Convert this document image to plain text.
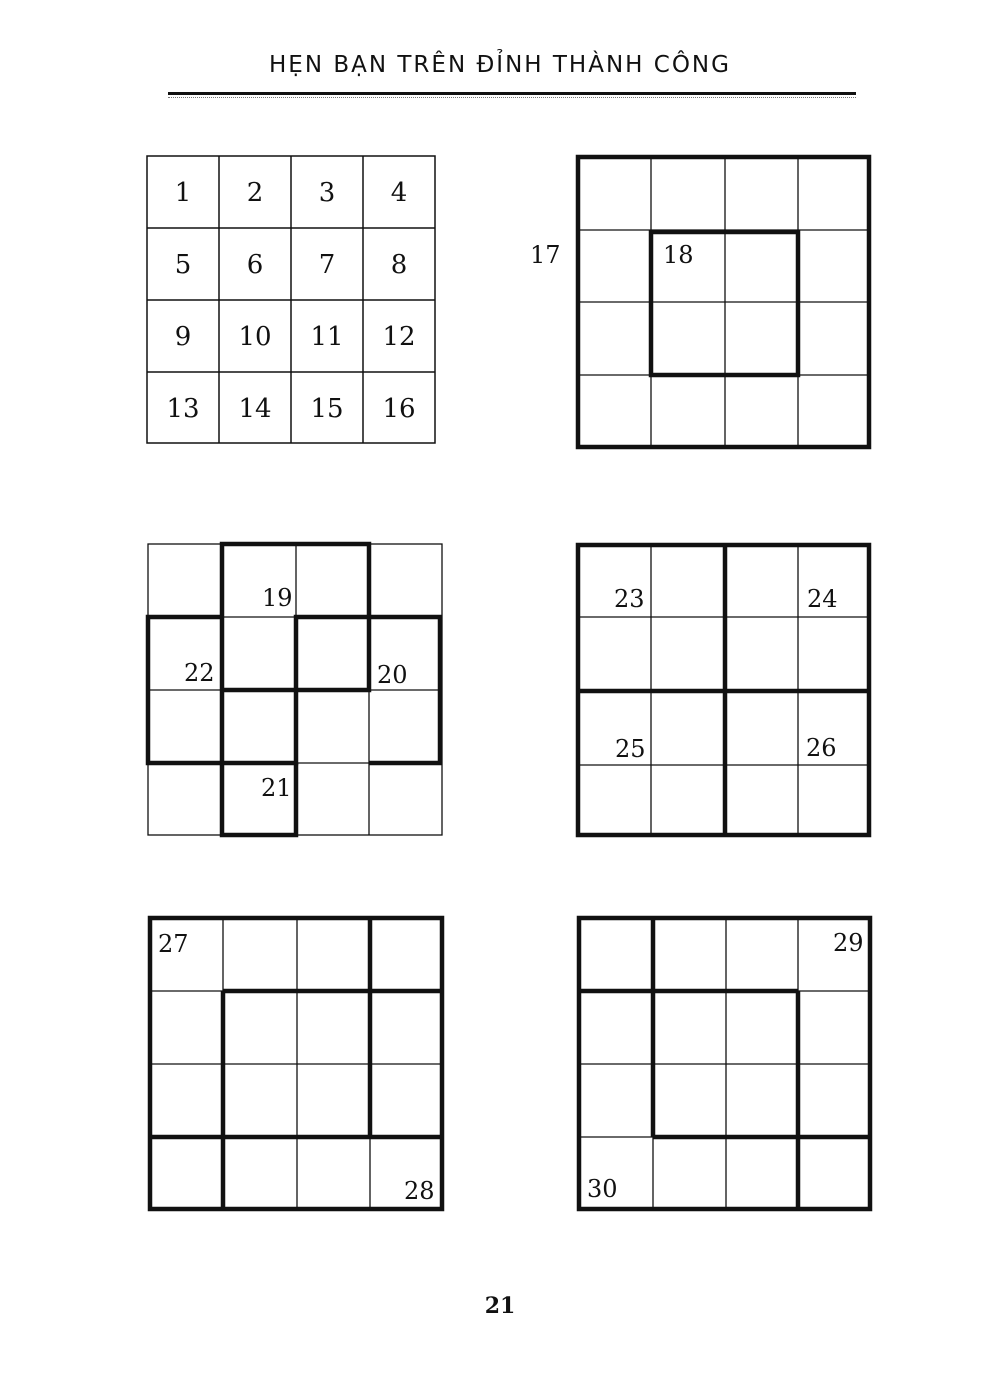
HẸN BẠN TRÊN ĐỈNH THÀNH CÔNG
1 2 3 4
5 6 7 8
9 10 11 12
13 14 15 16
17	18
19
20
21
22
23	24
25	26
27
28
29
30
21
